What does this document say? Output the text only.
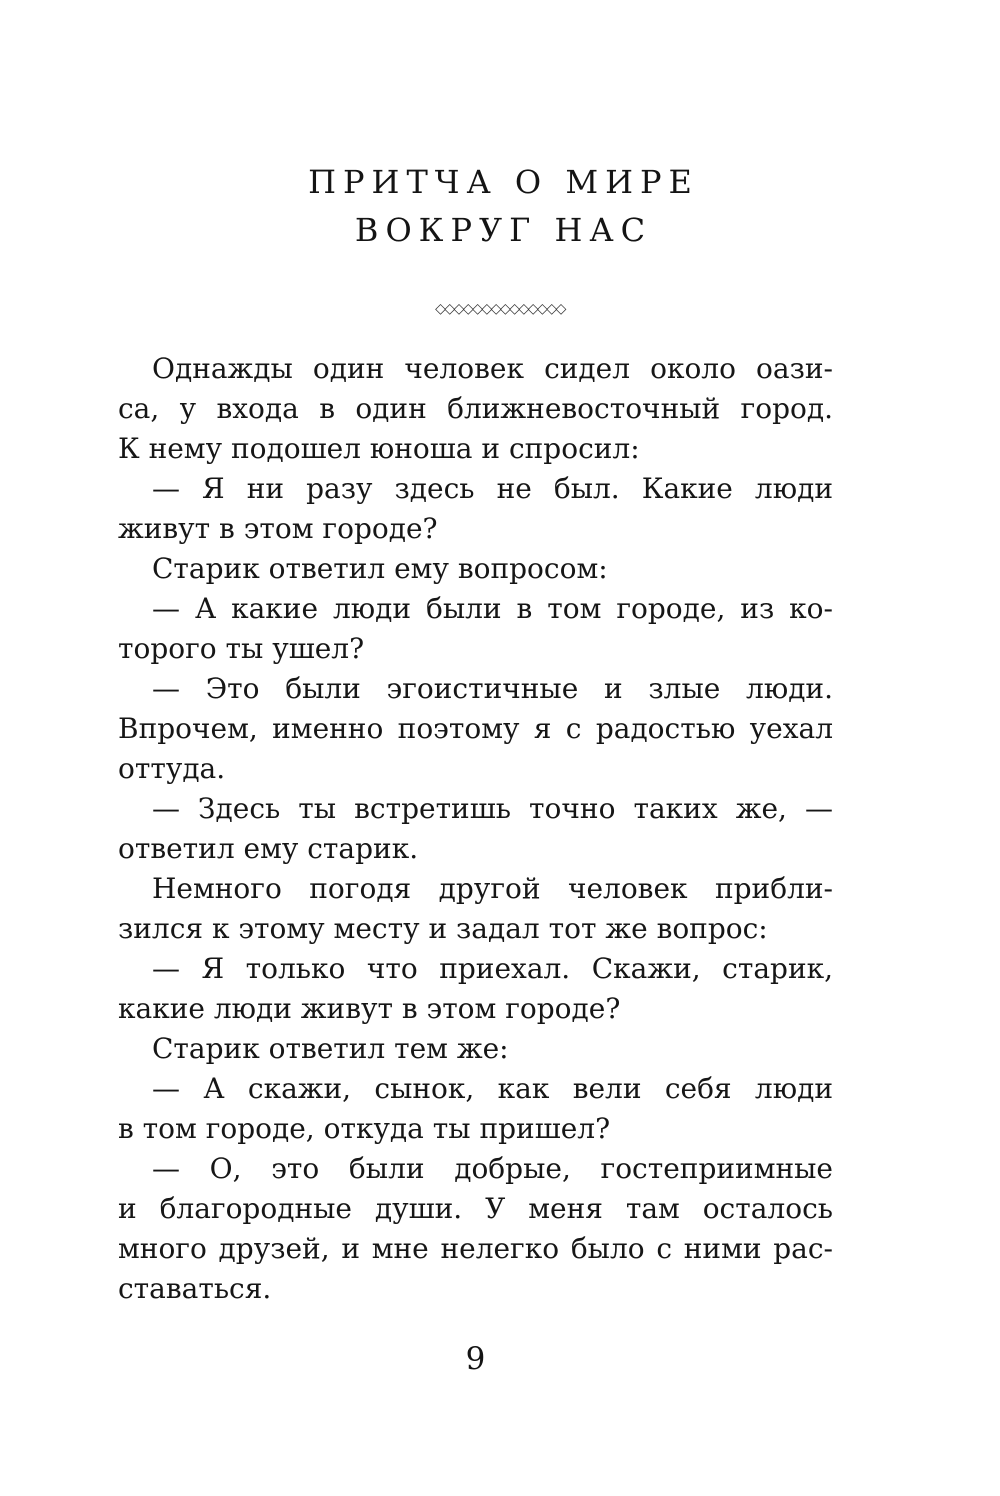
ПРИТЧА О МИРЕ
ВОКРУГ НАС
◇◇◇◇◇◇◇◇◇◇◇◇◇◇
Однажды один человек сидел около оази-
са, у входа в один ближневосточный город.
К нему подошел юноша и спросил:
— Я ни разу здесь не был. Какие люди
живут в этом городе?
Старик ответил ему вопросом:
— А какие люди были в том городе, из ко-
торого ты ушел?
— Это были эгоистичные и злые люди.
Впрочем, именно поэтому я с радостью уехал
оттуда.
— Здесь ты встретишь точно таких же, —
ответил ему старик.
Немного погодя другой человек прибли-
зился к этому месту и задал тот же вопрос:
— Я только что приехал. Скажи, старик,
какие люди живут в этом городе?
Старик ответил тем же:
— А скажи, сынок, как вели себя люди
в том городе, откуда ты пришел?
— О, это были добрые, гостеприимные
и благородные души. У меня там осталось
много друзей, и мне нелегко было с ними рас-
ставаться.
9
